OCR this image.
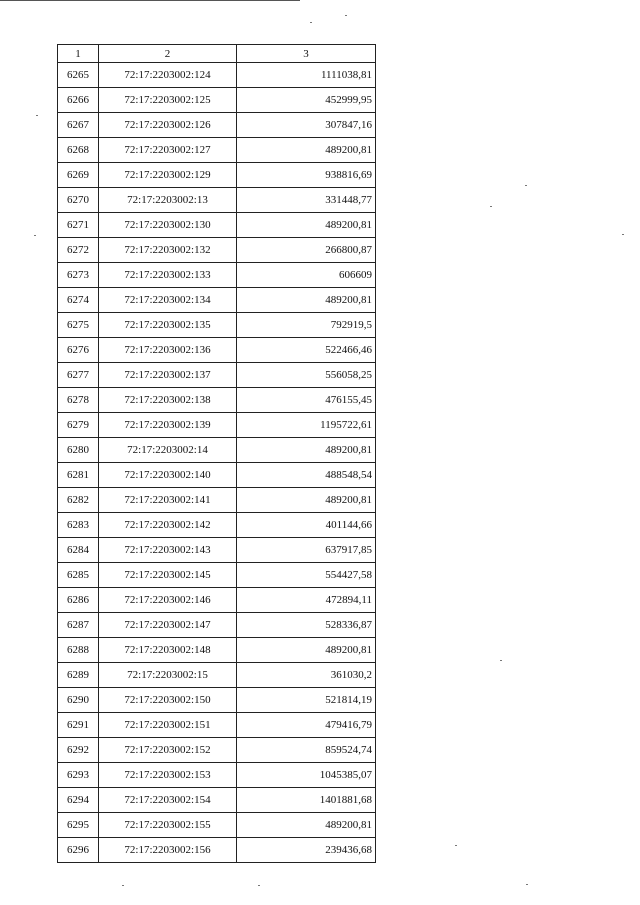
1	2	3
6265	72:17:2203002:124	1111038,81
6266	72:17:2203002:125	452999,95
6267	72:17:2203002:126	307847,16
6268	72:17:2203002:127	489200,81
6269	72:17:2203002:129	938816,69
6270	72:17:2203002:13	331448,77
6271	72:17:2203002:130	489200,81
6272	72:17:2203002:132	266800,87
6273	72:17:2203002:133	606609
6274	72:17:2203002:134	489200,81
6275	72:17:2203002:135	792919,5
6276	72:17:2203002:136	522466,46
6277	72:17:2203002:137	556058,25
6278	72:17:2203002:138	476155,45
6279	72:17:2203002:139	1195722,61
6280	72:17:2203002:14	489200,81
6281	72:17:2203002:140	488548,54
6282	72:17:2203002:141	489200,81
6283	72:17:2203002:142	401144,66
6284	72:17:2203002:143	637917,85
6285	72:17:2203002:145	554427,58
6286	72:17:2203002:146	472894,11
6287	72:17:2203002:147	528336,87
6288	72:17:2203002:148	489200,81
6289	72:17:2203002:15	361030,2
6290	72:17:2203002:150	521814,19
6291	72:17:2203002:151	479416,79
6292	72:17:2203002:152	859524,74
6293	72:17:2203002:153	1045385,07
6294	72:17:2203002:154	1401881,68
6295	72:17:2203002:155	489200,81
6296	72:17:2203002:156	239436,68
